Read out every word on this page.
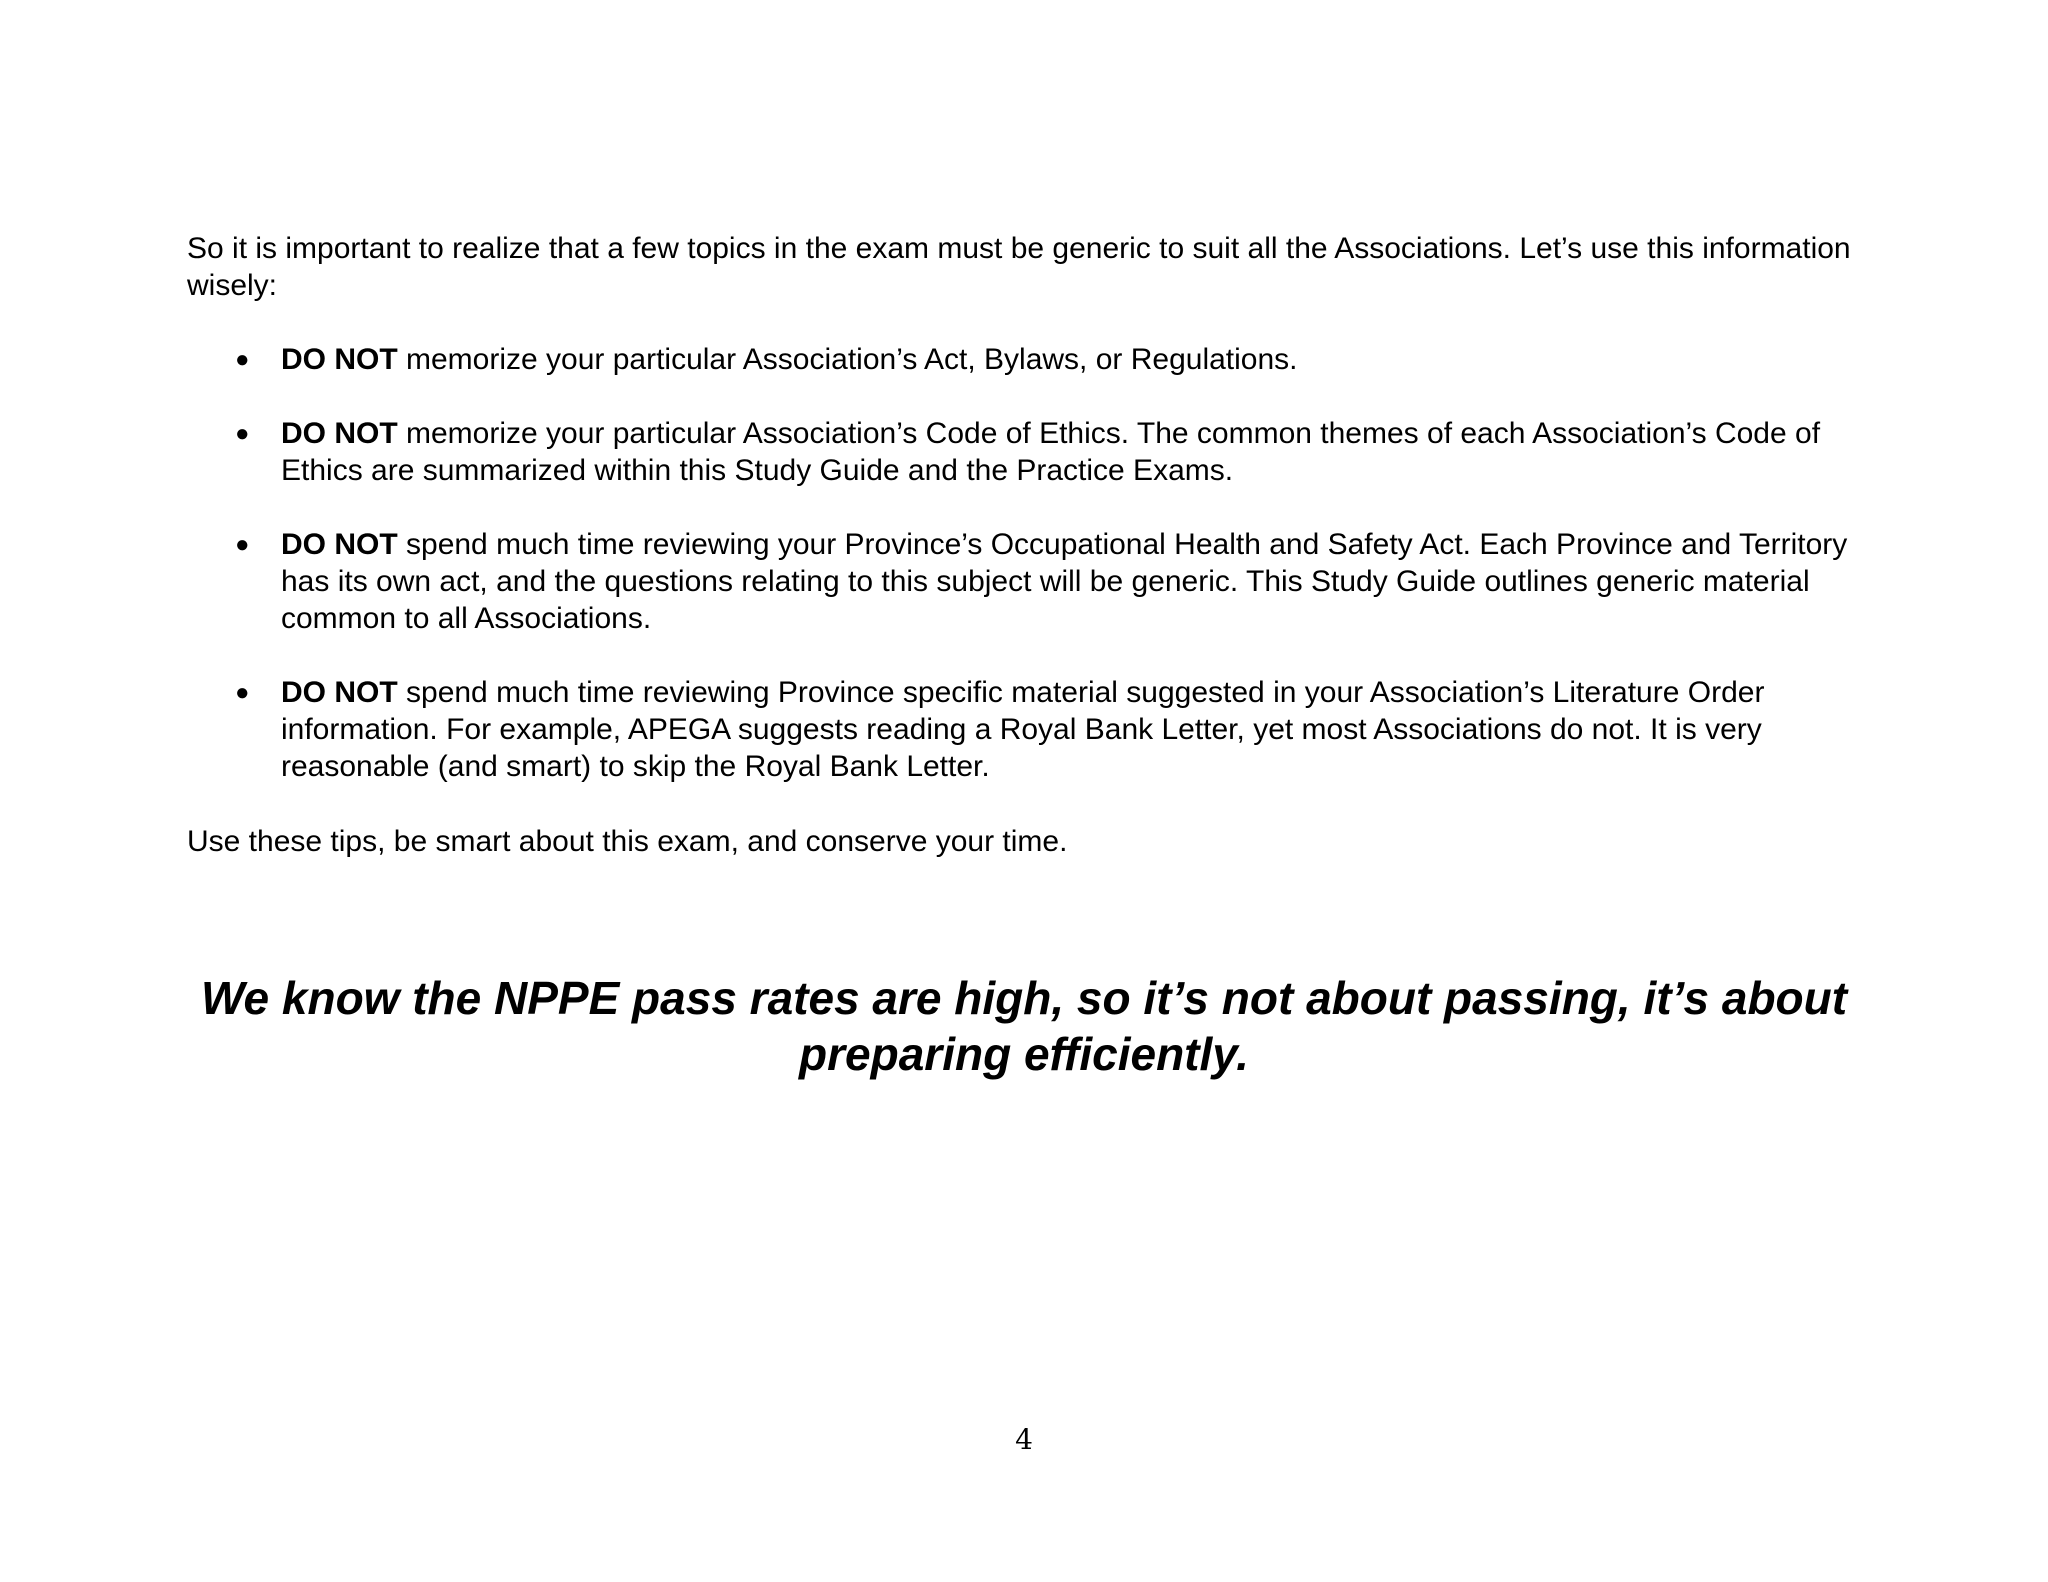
So it is important to realize that a few topics in the exam must be generic to suit all the Associations. Let’s use this information wisely:

● DO NOT memorize your particular Association’s Act, Bylaws, or Regulations.
● DO NOT memorize your particular Association’s Code of Ethics. The common themes of each Association’s Code of Ethics are summarized within this Study Guide and the Practice Exams.
● DO NOT spend much time reviewing your Province’s Occupational Health and Safety Act. Each Province and Territory has its own act, and the questions relating to this subject will be generic. This Study Guide outlines generic material common to all Associations.
● DO NOT spend much time reviewing Province specific material suggested in your Association’s Literature Order information. For example, APEGA suggests reading a Royal Bank Letter, yet most Associations do not. It is very reasonable (and smart) to skip the Royal Bank Letter.

Use these tips, be smart about this exam, and conserve your time.

We know the NPPE pass rates are high, so it’s not about passing, it’s about preparing efficiently.

4
